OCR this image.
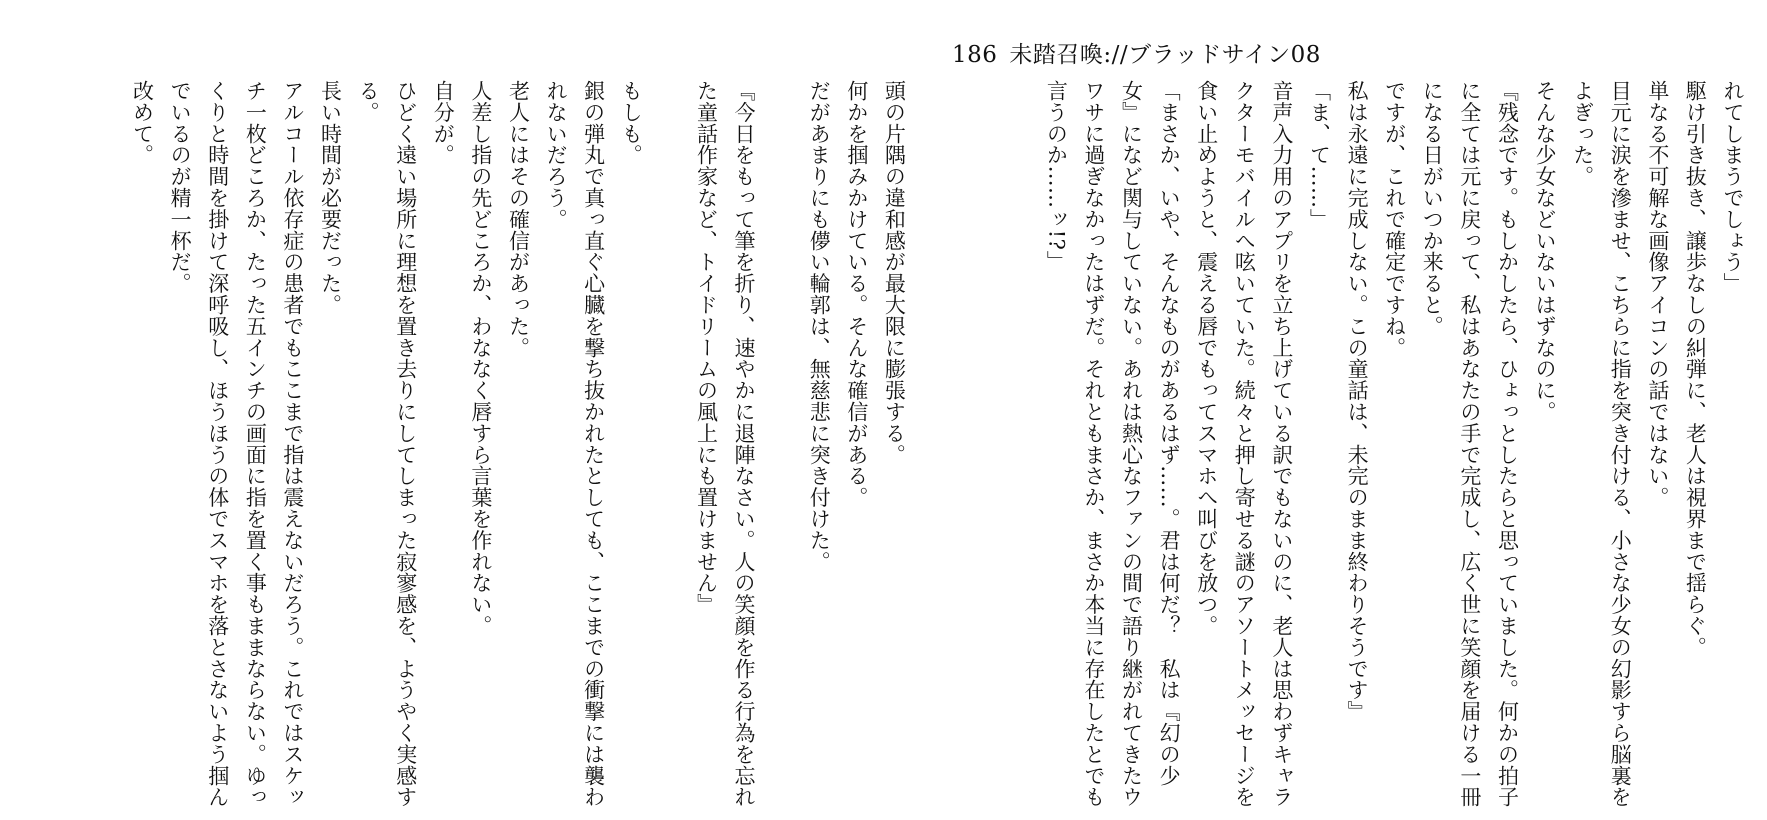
186 未踏召喚://ブラッドサイン08

れてしまうでしょう」

駆け引き抜き、譲歩なしの糾弾に、老人は視界まで揺らぐ。

単なる不可解な画像アイコンの話ではない。

目元に涙を滲ませ、こちらに指を突き付ける、小さな少女の幻影すら脳裏をよぎった。

そんな少女などいないはずなのに。

『残念です。もしかしたら、ひょっとしたらと思っていました。何かの拍子に全ては元に戻って、私はあなたの手で完成し、広く世に笑顔を届ける一冊になる日がいつか来ると。

ですが、これで確定ですね。

私は永遠に完成しない。この童話は、未完のまま終わりそうです』

「ま、て……」

音声入力用のアプリを立ち上げている訳でもないのに、老人は思わずキャラクターモバイルへ呟いていた。続々と押し寄せる謎のアソートメッセージを食い止めようと、震える唇でもってスマホへ叫びを放つ。

「まさか、いや、そんなものがあるはず……。君は何だ？　私は『幻の少女』になど関与していない。あれは熱心なファンの間で語り継がれてきたウワサに過ぎなかったはずだ。それともまさか、まさか本当に存在したとでも言うのか……ッ!?」

頭の片隅の違和感が最大限に膨張する。

何かを掴みかけている。そんな確信がある。

だがあまりにも儚い輪郭は、無慈悲に突き付けた。

『今日をもって筆を折り、速やかに退陣なさい。人の笑顔を作る行為を忘れた童話作家など、トイドリームの風上にも置けません』

もしも。

銀の弾丸で真っ直ぐ心臓を撃ち抜かれたとしても、ここまでの衝撃には襲われないだろう。

老人にはその確信があった。

人差し指の先どころか、わななく唇すら言葉を作れない。

自分が。

ひどく遠い場所に理想を置き去りにしてしまった寂寥感を、ようやく実感する。

長い時間が必要だった。

アルコール依存症の患者でもここまで指は震えないだろう。これではスケッチ一枚どころか、たった五インチの画面に指を置く事もままならない。ゆっくりと時間を掛けて深呼吸し、ほうほうの体でスマホを落とさないよう掴んでいるのが精一杯だ。

改めて。
